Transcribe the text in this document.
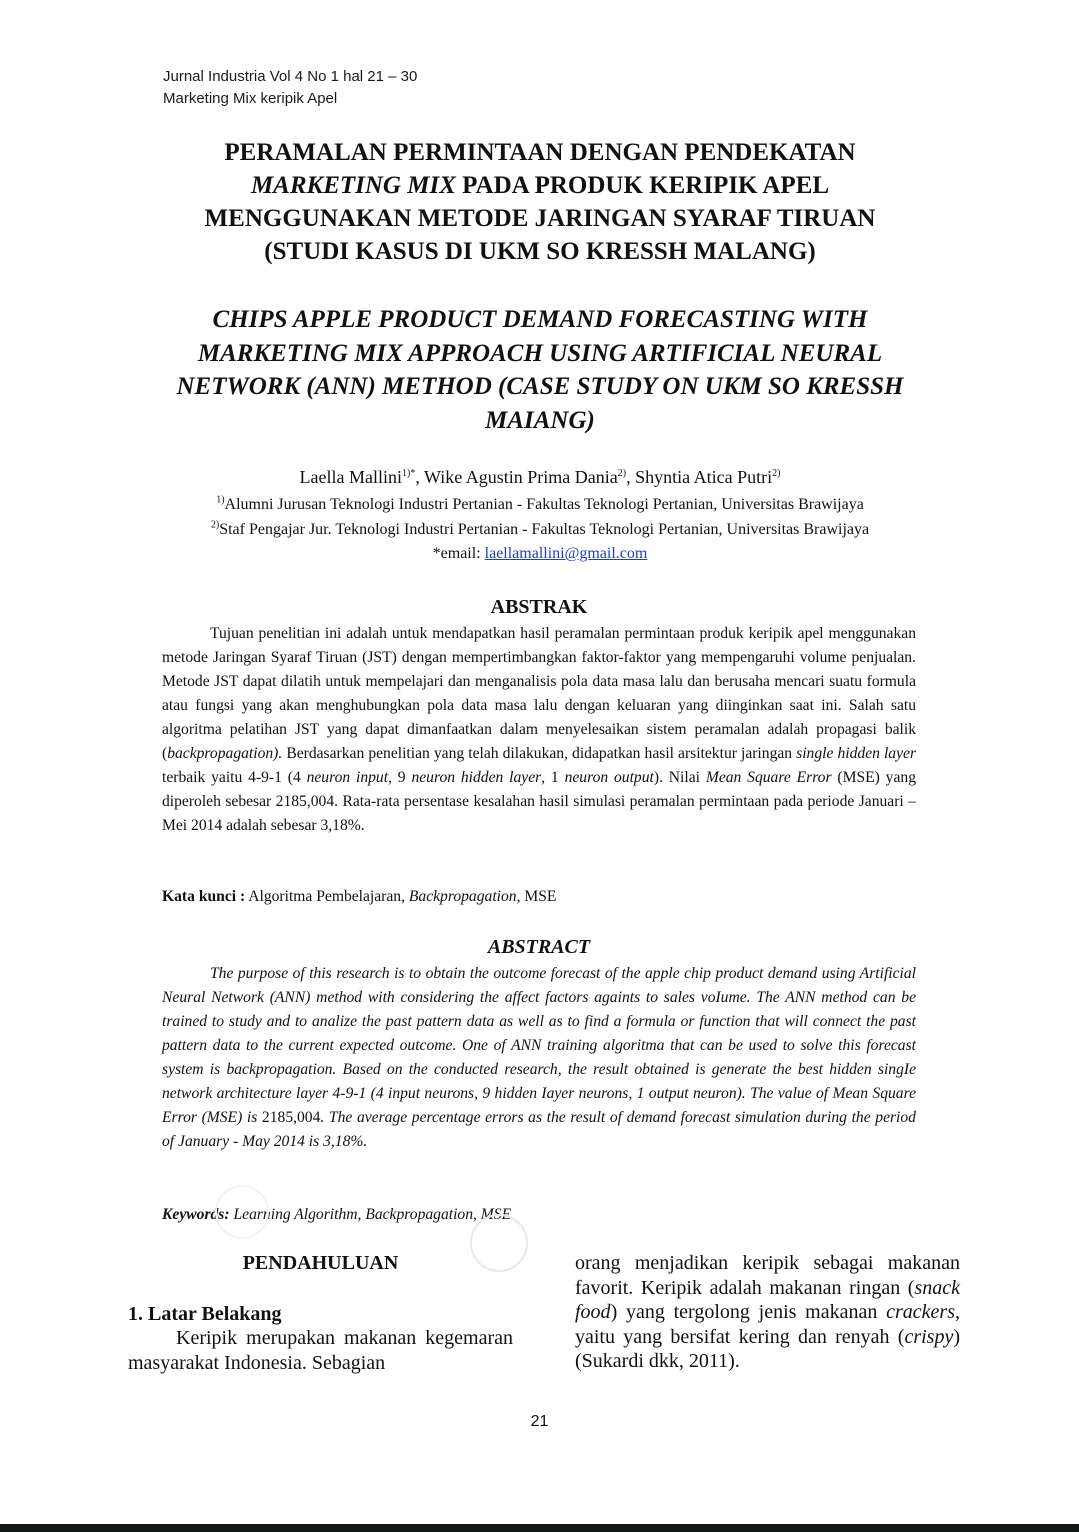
Jurnal Industria Vol 4 No 1 hal 21 – 30
Marketing Mix keripik Apel
PERAMALAN PERMINTAAN DENGAN PENDEKATAN
MARKETING MIX PADA PRODUK KERIPIK APEL
MENGGUNAKAN METODE JARINGAN SYARAF TIRUAN
(STUDI KASUS DI UKM SO KRESSH MALANG)
CHIPS APPLE PRODUCT DEMAND FORECASTING WITH MARKETING MIX APPROACH USING ARTIFICIAL NEURAL NETWORK (ANN) METHOD (CASE STUDY ON UKM SO KRESSH MAIANG)
Laella Mallini$^{1)*}$, Wike Agustin Prima Dania$^{2)}$, Shyntia Atica Putri$^{2)}$
$^{1)}$Alumni Jurusan Teknologi Industri Pertanian - Fakultas Teknologi Pertanian, Universitas Brawijaya
$^{2)}$Staf Pengajar Jur. Teknologi Industri Pertanian - Fakultas Teknologi Pertanian, Universitas Brawijaya
*email: laellamallini@gmail.com
ABSTRAK
Tujuan penelitian ini adalah untuk mendapatkan hasil peramalan permintaan produk keripik apel menggunakan metode Jaringan Syaraf Tiruan (JST) dengan mempertimbangkan faktor-faktor yang mempengaruhi volume penjualan. Metode JST dapat dilatih untuk mempelajari dan menganalisis pola data masa lalu dan berusaha mencari suatu formula atau fungsi yang akan menghubungkan pola data masa lalu dengan keluaran yang diinginkan saat ini. Salah satu algoritma pelatihan JST yang dapat dimanfaatkan dalam menyelesaikan sistem peramalan adalah propagasi balik (backpropagation). Berdasarkan penelitian yang telah dilakukan, didapatkan hasil arsitektur jaringan single hidden layer terbaik yaitu 4-9-1 (4 neuron input, 9 neuron hidden layer, 1 neuron output). Nilai Mean Square Error (MSE) yang diperoleh sebesar 2185,004. Rata-rata persentase kesalahan hasil simulasi peramalan permintaan pada periode Januari – Mei 2014 adalah sebesar 3,18%.
Kata kunci : Algoritma Pembelajaran, Backpropagation, MSE
ABSTRACT
The purpose of this research is to obtain the outcome forecast of the apple chip product demand using Artificial Neural Network (ANN) method with considering the affect factors againts to sales voIume. The ANN method can be trained to study and to analize the past pattern data as well as to find a formula or function that will connect the past pattern data to the current expected outcome. One of ANN training algoritma that can be used to solve this forecast system is backpropagation. Based on the conducted research, the result obtained is generate the best hidden singIe network architecture layer 4-9-1 (4 input neurons, 9 hidden Iayer neurons, 1 output neuron). The value of Mean Square Error (MSE) is 2185,004. The average percentage errors as the result of demand forecast simulation during the period of January - May 2014 is 3,18%.
Keywords: Learning Algorithm, Backpropagation, MSE
PENDAHULUAN
1. Latar Belakang
Keripik merupakan makanan kegemaran masyarakat Indonesia. Sebagian
orang menjadikan keripik sebagai makanan favorit. Keripik adalah makanan ringan (snack food) yang tergolong jenis makanan crackers, yaitu yang bersifat kering dan renyah (crispy) (Sukardi dkk, 2011).
21
